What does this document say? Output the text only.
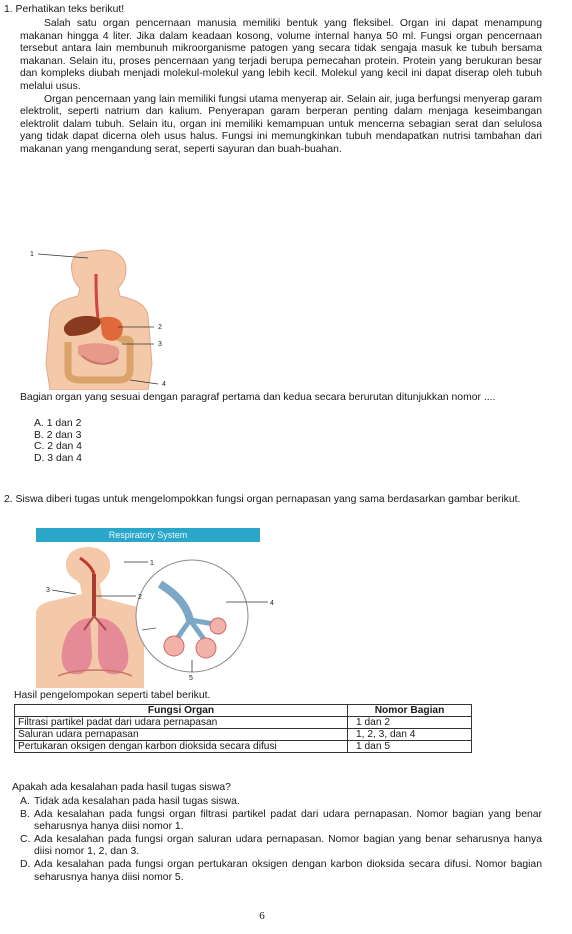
1. Perhatikan teks berikut!

Salah satu organ pencernaan manusia memiliki bentuk yang fleksibel. Organ ini dapat menampung makanan hingga 4 liter. Jika dalam keadaan kosong, volume internal hanya 50 ml. Fungsi organ pencernaan tersebut antara lain membunuh mikroorganisme patogen yang secara tidak sengaja masuk ke tubuh bersama makanan. Selain itu, proses pencernaan yang terjadi berupa pemecahan protein. Protein yang berukuran besar dan kompleks diubah menjadi molekul-molekul yang lebih kecil. Molekul yang kecil ini dapat diserap oleh tubuh melalui usus.

Organ pencernaan yang lain memiliki fungsi utama menyerap air. Selain air, juga berfungsi menyerap garam elektrolit, seperti natrium dan kalium. Penyerapan garam berperan penting dalam menjaga keseimbangan elektrolit dalam tubuh. Selain itu, organ ini memiliki kemampuan untuk mencerna sebagian serat dan selulosa yang tidak dapat dicerna oleh usus halus. Fungsi ini memungkinkan tubuh mendapatkan nutrisi tambahan dari makanan yang mengandung serat, seperti sayuran dan buah-buahan.

1
2
3
4
Bagian organ yang sesuai dengan paragraf pertama dan kedua secara berurutan ditunjukkan nomor ....
A. 1 dan 2
B. 2 dan 3
C. 2 dan 4
D. 3 dan 4
2. Siswa diberi tugas untuk mengelompokkan fungsi organ pernapasan yang sama berdasarkan gambar berikut.
Respiratory System
1
2
3
4
5
Hasil pengelompokan seperti tabel berikut.
Fungsi Organ	Nomor Bagian
Filtrasi partikel padat dari udara pernapasan	1 dan 2
Saluran udara pernapasan	1, 2, 3, dan 4
Pertukaran oksigen dengan karbon dioksida secara difusi	1 dan 5
Apakah ada kesalahan pada hasil tugas siswa?
A. Tidak ada kesalahan pada hasil tugas siswa.
B. Ada kesalahan pada fungsi organ filtrasi partikel padat dari udara pernapasan. Nomor bagian yang benar seharusnya hanya diisi nomor 1.
C. Ada kesalahan pada fungsi organ saluran udara pernapasan. Nomor bagian yang benar seharusnya hanya diisi nomor 1, 2, dan 3.
D. Ada kesalahan pada fungsi organ pertukaran oksigen dengan karbon dioksida secara difusi. Nomor bagian seharusnya hanya diisi nomor 5.
6
